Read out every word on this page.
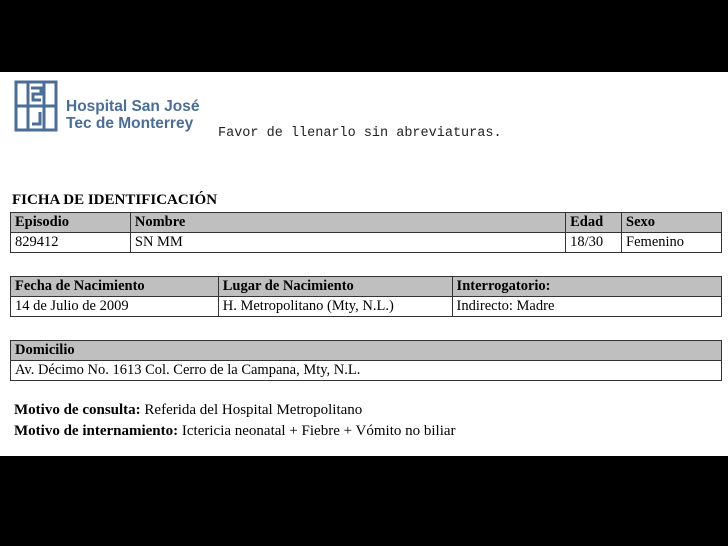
Hospital San José
Tec de Monterrey
Favor de llenarlo sin abreviaturas.
FICHA DE IDENTIFICACIÓN
Episodio	Nombre	Edad	Sexo
829412	SN MM	18/30	Femenino
Fecha de Nacimiento	Lugar de Nacimiento	Interrogatorio:
14 de Julio de 2009	H. Metropolitano (Mty, N.L.)	Indirecto: Madre
Domicilio
Av. Décimo No. 1613 Col. Cerro de la Campana, Mty, N.L.
Motivo de consulta: Referida del Hospital Metropolitano
Motivo de internamiento: Ictericia neonatal + Fiebre + Vómito no biliar
